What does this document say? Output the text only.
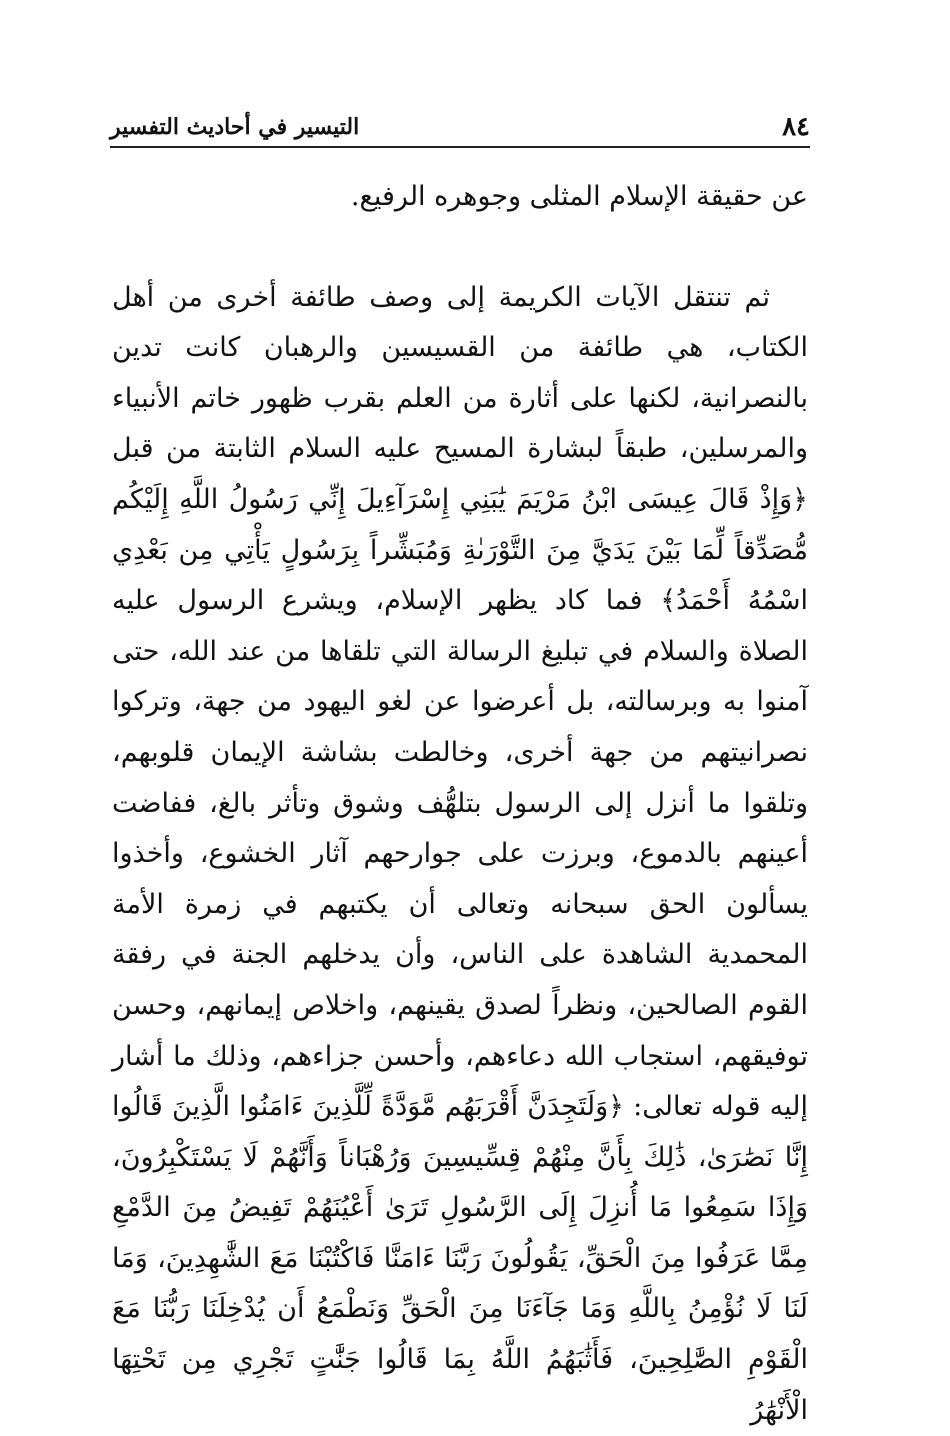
٨٤
التيسير في أحاديث التفسير

عن حقيقة الإسلام المثلى وجوهره الرفيع.

ثم تنتقل الآيات الكريمة إلى وصف طائفة أخرى من أهل الكتاب، هي طائفة من القسيسين والرهبان كانت تدين بالنصرانية، لكنها على أثارة من العلم بقرب ظهور خاتم الأنبياء والمرسلين، طبقاً لبشارة المسيح عليه السلام الثابتة من قبل ﴿وَإِذْ قَالَ عِيسَى ابْنُ مَرْيَمَ يَٰبَنِي إِسْرَآءِيلَ إِنِّي رَسُولُ اللَّهِ إِلَيْكُم مُّصَدِّقاً لِّمَا بَيْنَ يَدَيَّ مِنَ التَّوْرَىٰةِ وَمُبَشِّراً بِرَسُولٍ يَأْتِي مِن بَعْدِي اسْمُهُ أَحْمَدُ﴾ فما كاد يظهر الإسلام، ويشرع الرسول عليه الصلاة والسلام في تبليغ الرسالة التي تلقاها من عند الله، حتى آمنوا به وبرسالته، بل أعرضوا عن لغو اليهود من جهة، وتركوا نصرانيتهم من جهة أخرى، وخالطت بشاشة الإيمان قلوبهم، وتلقوا ما أنزل إلى الرسول بتلهُّف وشوق وتأثر بالغ، ففاضت أعينهم بالدموع، وبرزت على جوارحهم آثار الخشوع، وأخذوا يسألون الحق سبحانه وتعالى أن يكتبهم في زمرة الأمة المحمدية الشاهدة على الناس، وأن يدخلهم الجنة في رفقة القوم الصالحين، ونظراً لصدق يقينهم، واخلاص إيمانهم، وحسن توفيقهم، استجاب الله دعاءهم، وأحسن جزاءهم، وذلك ما أشار إليه قوله تعالى: ﴿وَلَتَجِدَنَّ أَقْرَبَهُم مَّوَدَّةً لِّلَّذِينَ ءَامَنُوا الَّذِينَ قَالُوا إِنَّا نَصَٰرَىٰ، ذَٰلِكَ بِأَنَّ مِنْهُمْ قِسِّيسِينَ وَرُهْبَاناً وَأَنَّهُمْ لَا يَسْتَكْبِرُونَ، وَإِذَا سَمِعُوا مَا أُنزِلَ إِلَى الرَّسُولِ تَرَىٰ أَعْيُنَهُمْ تَفِيضُ مِنَ الدَّمْعِ مِمَّا عَرَفُوا مِنَ الْحَقِّ، يَقُولُونَ رَبَّنَا ءَامَنَّا فَاكْتُبْنَا مَعَ الشَّٰهِدِينَ، وَمَا لَنَا لَا نُؤْمِنُ بِاللَّهِ وَمَا جَآءَنَا مِنَ الْحَقِّ وَنَطْمَعُ أَن يُدْخِلَنَا رَبُّنَا مَعَ الْقَوْمِ الصَّٰلِحِينَ، فَأَثَٰبَهُمُ اللَّهُ بِمَا قَالُوا جَنَّٰتٍ تَجْرِي مِن تَحْتِهَا الْأَنْهَٰرُ
